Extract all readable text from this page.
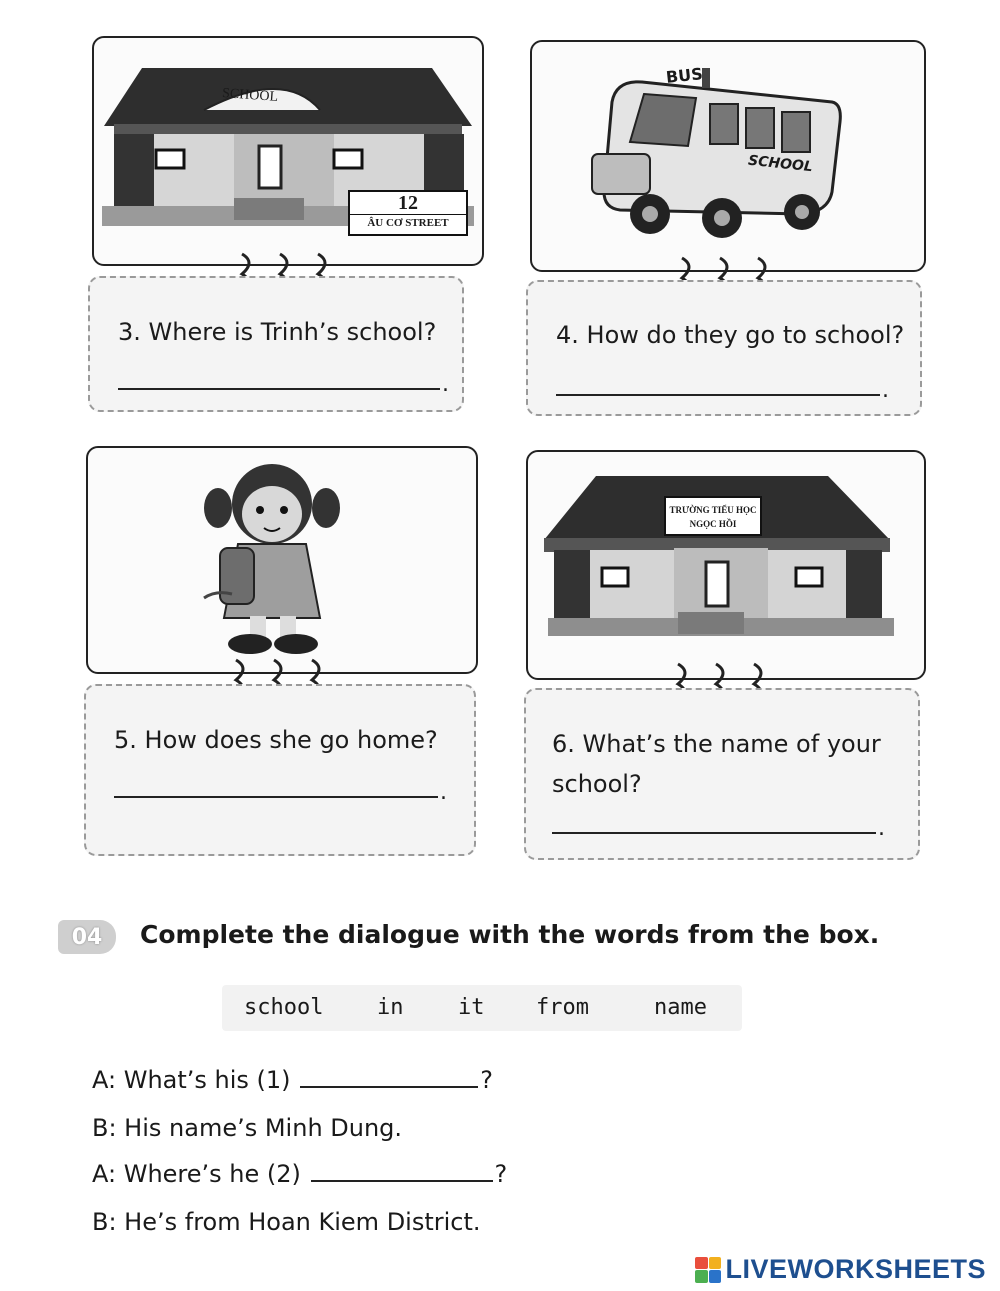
SCHOOL
12
ÂU CƠ STREET
3. Where is Trinh’s school?
.
BUS
SCHOOL
4. How do they go to school?
.
5. How does she go home?
.
TRƯỜNG TIỂU HỌC
NGỌC HỒI
6. What’s the name of your
school?
.
04	Complete the dialogue with the words from the box.
school in it from	name
A: What’s his (1)	?
B: His name’s Minh Dung.
A: Where’s he (2)	?
B: He’s from Hoan Kiem District.
LIVEWORKSHEETS
